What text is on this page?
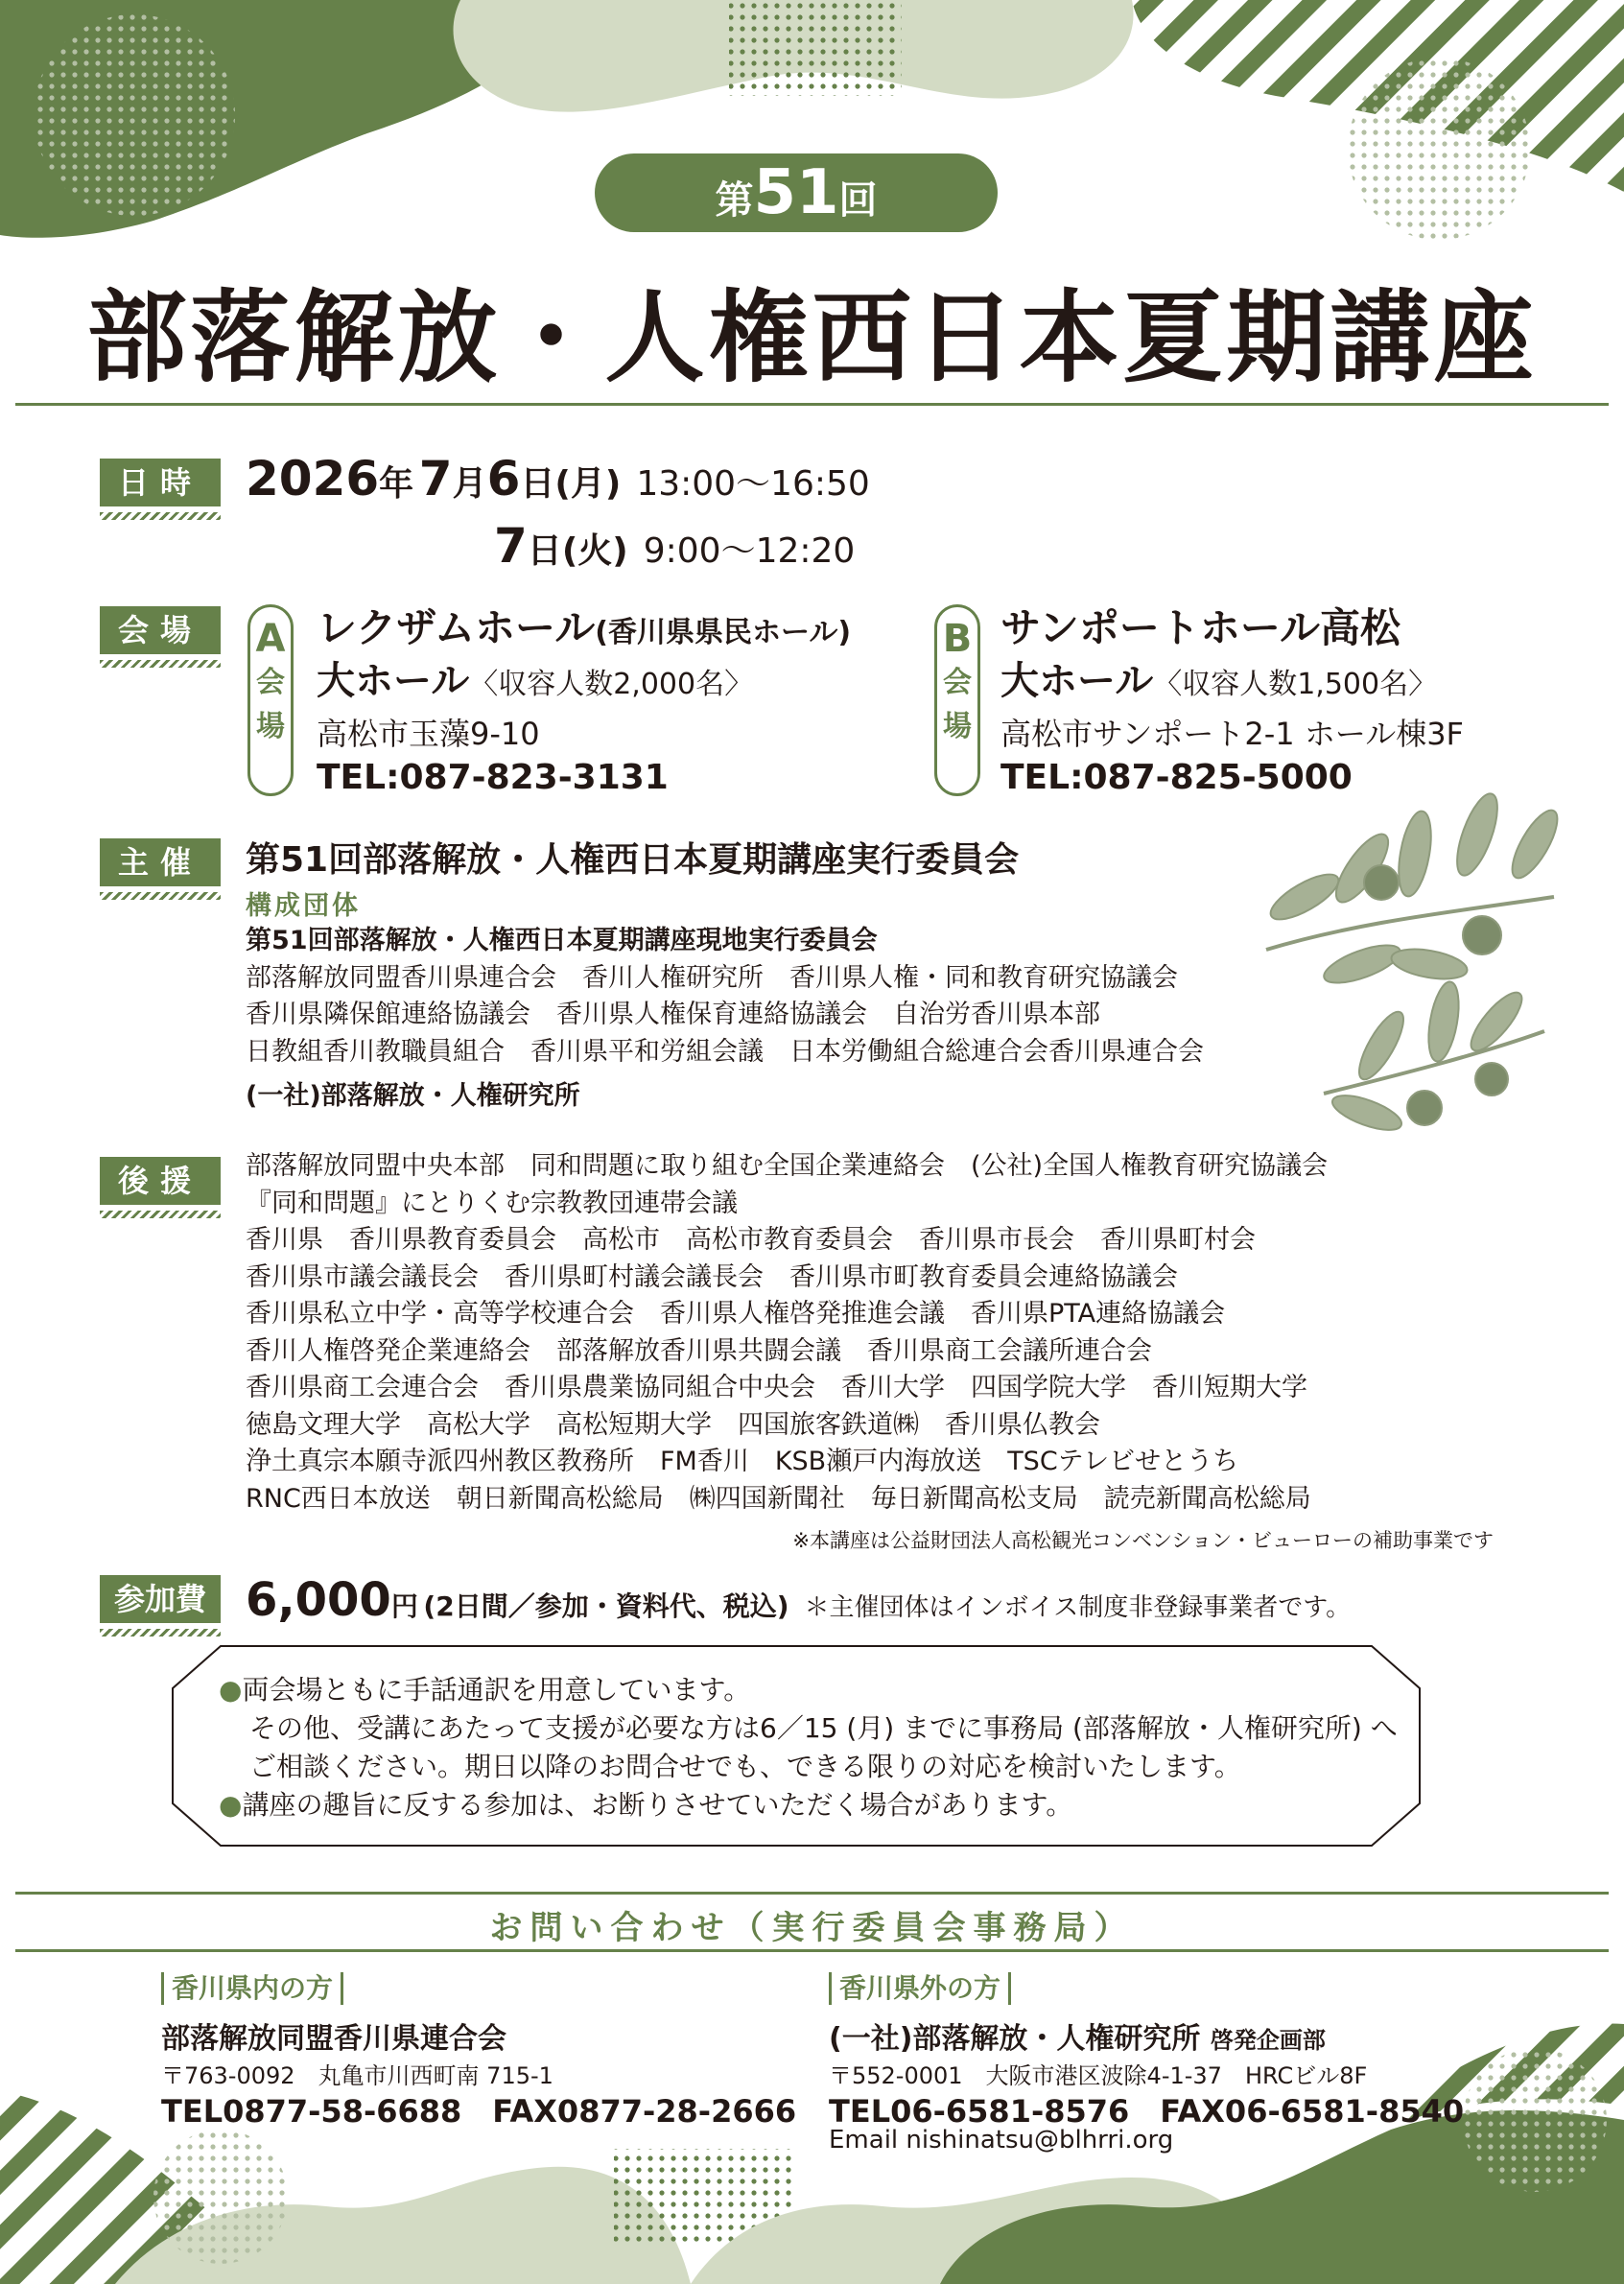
第51回
部落解放・人権西日本夏期講座
日時 2026年 7月6日(月) 13:00～16:50
7日(火) 9:00～12:20
会場	A
会
場
レクザムホール(香川県県民ホール)
大ホール〈収容人数2,000名〉
高松市玉藻9-10
TEL:087-823-3131
B
会
場
サンポートホール高松
大ホール〈収容人数1,500名〉
高松市サンポート2-1 ホール棟3F
TEL:087-825-5000
主催	第51回部落解放・人権西日本夏期講座実行委員会
構成団体
第51回部落解放・人権西日本夏期講座現地実行委員会
部落解放同盟香川県連合会　香川人権研究所　香川県人権・同和教育研究協議会
香川県隣保館連絡協議会　香川県人権保育連絡協議会　自治労香川県本部
日教組香川教職員組合　香川県平和労組会議　日本労働組合総連合会香川県連合会
(一社)部落解放・人権研究所
後援	部落解放同盟中央本部　同和問題に取り組む全国企業連絡会　(公社)全国人権教育研究協議会
『同和問題』にとりくむ宗教教団連帯会議
香川県　香川県教育委員会　高松市　高松市教育委員会　香川県市長会　香川県町村会
香川県市議会議長会　香川県町村議会議長会　香川県市町教育委員会連絡協議会
香川県私立中学・高等学校連合会　香川県人権啓発推進会議　香川県PTA連絡協議会
香川人権啓発企業連絡会　部落解放香川県共闘会議　香川県商工会議所連合会
香川県商工会連合会　香川県農業協同組合中央会　香川大学　四国学院大学　香川短期大学
徳島文理大学　高松大学　高松短期大学　四国旅客鉄道㈱　香川県仏教会
浄土真宗本願寺派四州教区教務所　FM香川　KSB瀬戸内海放送　TSCテレビせとうち
RNC西日本放送　朝日新聞高松総局　㈱四国新聞社　毎日新聞高松支局　読売新聞高松総局
※本講座は公益財団法人高松観光コンベンション・ビューローの補助事業です
参加費 6,000円 (2日間／参加・資料代、税込) ＊主催団体はインボイス制度非登録事業者です。
●両会場ともに手話通訳を用意しています。
その他、受講にあたって支援が必要な方は6／15 (月) までに事務局 (部落解放・人権研究所) へ
ご相談ください。期日以降のお問合せでも、できる限りの対応を検討いたします。
●講座の趣旨に反する参加は、お断りさせていただく場合があります。
お問い合わせ（実行委員会事務局）
香川県内の方
部落解放同盟香川県連合会
〒763-0092　丸亀市川西町南 715-1
TEL0877-58-6688　FAX0877-28-2666
香川県外の方
(一社)部落解放・人権研究所 啓発企画部
〒552-0001　大阪市港区波除4-1-37　HRCビル8F
TEL06-6581-8576　FAX06-6581-8540
Email nishinatsu@blhrri.org
